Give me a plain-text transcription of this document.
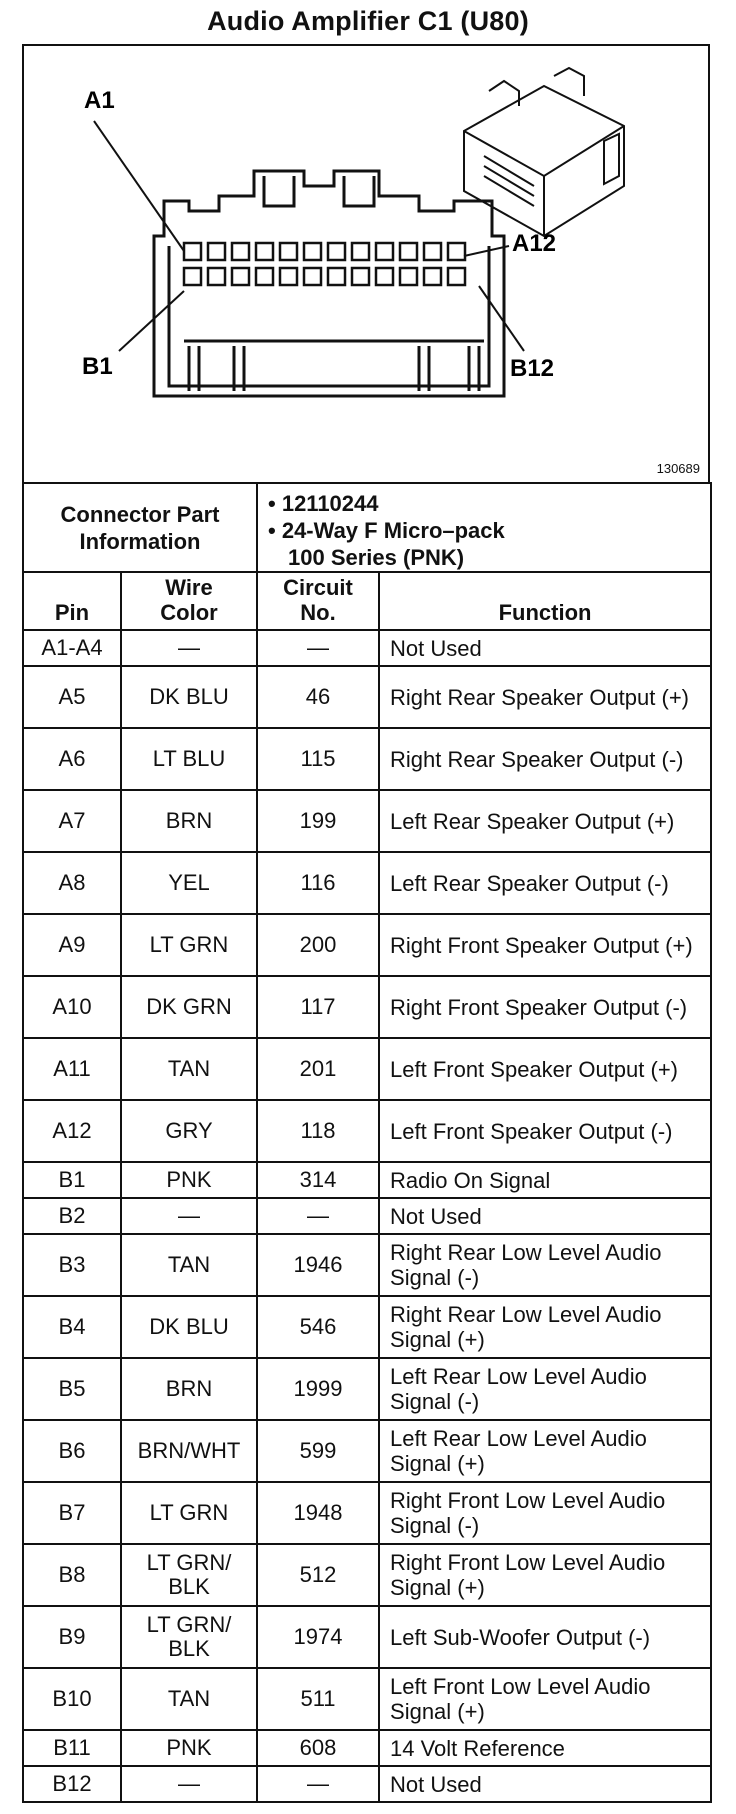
Audio Amplifier C1 (U80)
A1
A12
B1	B12
130689
Connector Part Information		• 12110244
• 24-Way F Micro–pack
100 Series (PNK)	

Pin	Wire Color	Circuit No.	Function
A1-A4	—	—	Not Used
A5	DK BLU	46	Right Rear Speaker Output (+)
A6	LT BLU	115	Right Rear Speaker Output (-)
A7	BRN	199	Left Rear Speaker Output (+)
A8	YEL	116	Left Rear Speaker Output (-)
A9	LT GRN	200	Right Front Speaker Output (+)
A10	DK GRN	117	Right Front Speaker Output (-)
A11	TAN	201	Left Front Speaker Output (+)
A12	GRY	118	Left Front Speaker Output (-)
B1	PNK	314	Radio On Signal
B2	—	—	Not Used
B3	TAN	1946	Right Rear Low Level Audio Signal (-)
B4	DK BLU	546	Right Rear Low Level Audio Signal (+)
B5	BRN	1999	Left Rear Low Level Audio Signal (-)
B6	BRN/WHT	599	Left Rear Low Level Audio Signal (+)
B7	LT GRN	1948	Right Front Low Level Audio Signal (-)
B8	LT GRN/ BLK	512	Right Front Low Level Audio Signal (+)
B9	LT GRN/ BLK	1974	Left Sub-Woofer Output (-)
B10	TAN	511	Left Front Low Level Audio Signal (+)
B11	PNK	608	14 Volt Reference
B12	—	—	Not Used
